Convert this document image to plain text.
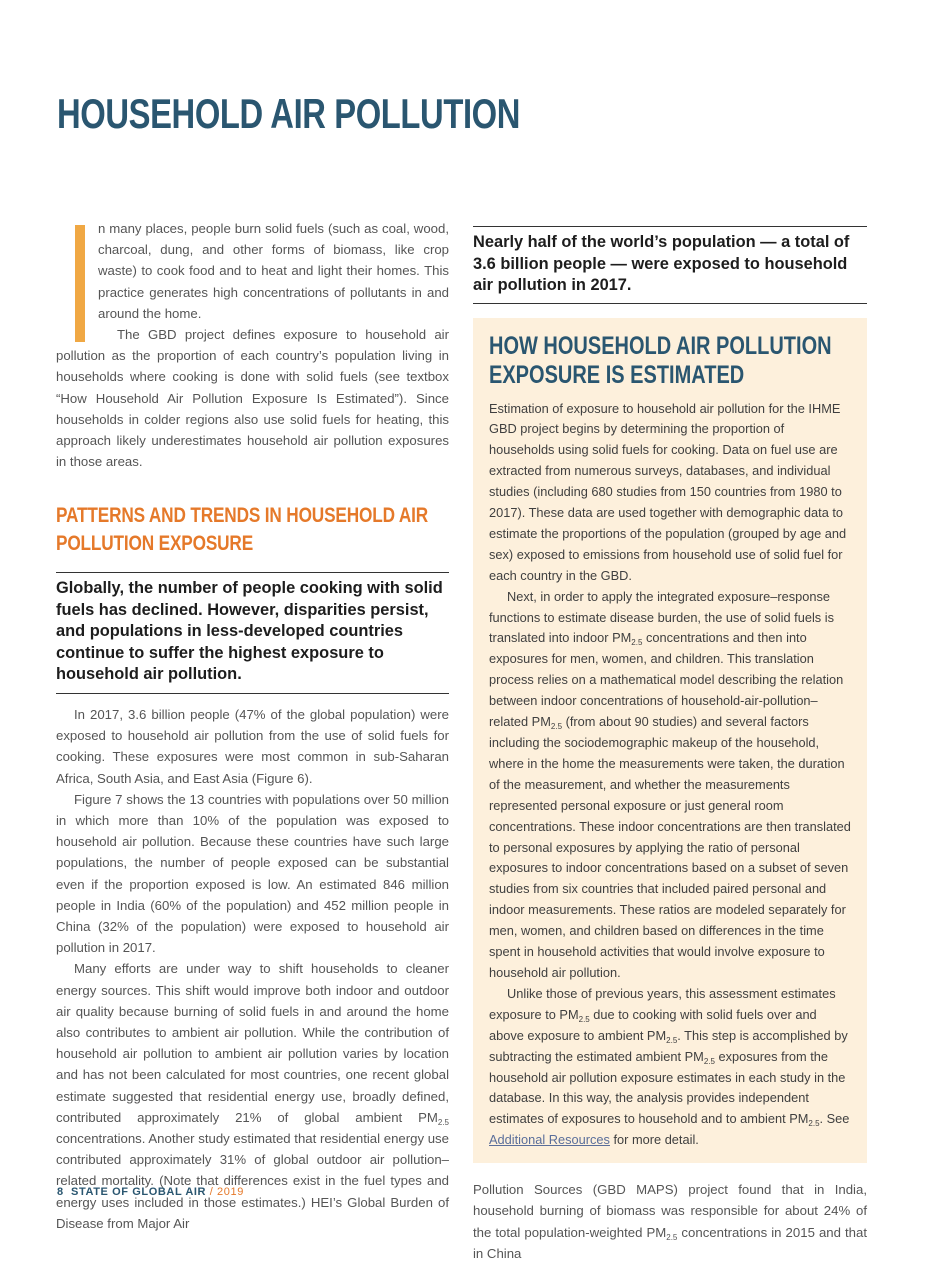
HOUSEHOLD AIR POLLUTION

n many places, people burn solid fuels (such as coal, wood, charcoal, dung, and other forms of biomass, like crop waste) to cook food and to heat and light their homes. This practice generates high concentrations of pollutants in and around the home.

The GBD project defines exposure to household air pollution as the proportion of each country’s population living in households where cooking is done with solid fuels (see textbox “How Household Air Pollution Exposure Is Estimated”). Since households in colder regions also use solid fuels for heating, this approach likely underestimates household air pollution exposures in those areas.

PATTERNS AND TRENDS IN HOUSEHOLD AIR POLLUTION EXPOSURE
Globally, the number of people cooking with solid fuels has declined. However, disparities persist, and populations in less-developed countries continue to suffer the highest exposure to household air pollution.

In 2017, 3.6 billion people (47% of the global population) were exposed to household air pollution from the use of solid fuels for cooking. These exposures were most common in sub-Saharan Africa, South Asia, and East Asia (Figure 6).

Figure 7 shows the 13 countries with populations over 50 million in which more than 10% of the population was exposed to household air pollution. Because these countries have such large populations, the number of people exposed can be substantial even if the proportion exposed is low. An estimated 846 million people in India (60% of the population) and 452 million people in China (32% of the population) were exposed to household air pollution in 2017.

Many efforts are under way to shift households to cleaner energy sources. This shift would improve both indoor and outdoor air quality because burning of solid fuels in and around the home also contributes to ambient air pollution. While the contribution of household air pollution to ambient air pollution varies by location and has not been calculated for most countries, one recent global estimate suggested that residential energy use, broadly defined, contributed approximately 21% of global ambient $PM_{2.5}$ concentrations. Another study estimated that residential energy use contributed approximately 31% of global outdoor air pollution–related mortality. (Note that differences exist in the fuel types and energy uses included in those estimates.) HEI’s Global Burden of Disease from Major Air

Nearly half of the world’s population — a total of 3.6 billion people — were exposed to household air pollution in 2017.
HOW HOUSEHOLD AIR POLLUTION EXPOSURE IS ESTIMATED

Estimation of exposure to household air pollution for the IHME GBD project begins by determining the proportion of households using solid fuels for cooking. Data on fuel use are extracted from numerous surveys, databases, and individual studies (including 680 studies from 150 countries from 1980 to 2017). These data are used together with demographic data to estimate the proportions of the population (grouped by age and sex) exposed to emissions from household use of solid fuel for each country in the GBD.

Next, in order to apply the integrated exposure–response functions to estimate disease burden, the use of solid fuels is translated into indoor $PM_{2.5}$ concentrations and then into exposures for men, women, and children. This translation process relies on a mathematical model describing the relation between indoor concentrations of household-air-pollution–related $PM_{2.5}$ (from about 90 studies) and several factors including the sociodemographic makeup of the household, where in the home the measurements were taken, the duration of the measurement, and whether the measurements represented personal exposure or just general room concentrations. These indoor concentrations are then translated to personal exposures by applying the ratio of personal exposures to indoor concentrations based on a subset of seven studies from six countries that included paired personal and indoor measurements. These ratios are modeled separately for men, women, and children based on differences in the time spent in household activities that would involve exposure to household air pollution.

Unlike those of previous years, this assessment estimates exposure to $PM_{2.5}$ due to cooking with solid fuels over and above exposure to ambient $PM_{2.5}$. This step is accomplished by subtracting the estimated ambient $PM_{2.5}$ exposures from the household air pollution exposure estimates in each study in the database. In this way, the analysis provides independent estimates of exposures to household and to ambient $PM_{2.5}$. See Additional Resources for more detail.

Pollution Sources (GBD MAPS) project found that in India, household burning of biomass was responsible for about 24% of the total population-weighted $PM_{2.5}$ concentrations in 2015 and that in China

8 STATE OF GLOBAL AIR / 2019
